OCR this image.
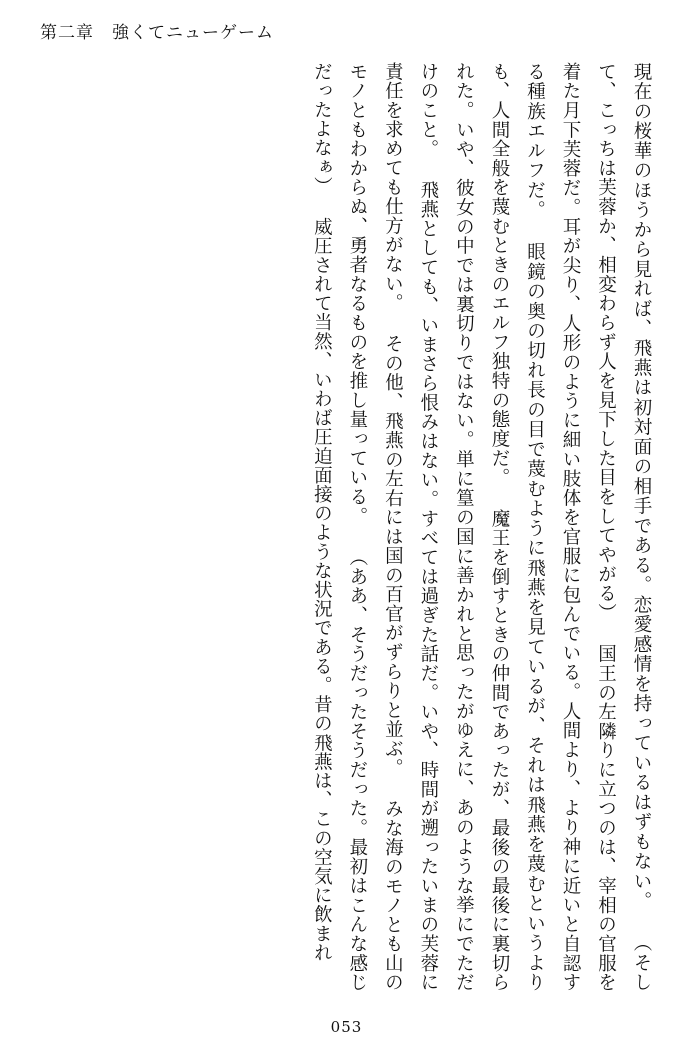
第二章 強くてニューゲーム

現在の桜華のほうから見れば、飛燕は初対面の相手である。恋愛感情を持っているはずもない。 （そして、こっちは芙蓉か、相変わらず人を見下した目をしてやがる） 国王の左隣りに立つのは、宰相の官服を着た月下芙蓉だ。耳が尖り、人形のように細い肢体を官服に包んでいる。人間より、より神に近いと自認する種族エルフだ。 眼鏡の奥の切れ長の目で蔑むように飛燕を見ているが、それは飛燕を蔑むというよりも、人間全般を蔑むときのエルフ独特の態度だ。 魔王を倒すときの仲間であったが、最後の最後に裏切られた。いや、彼女の中では裏切りではない。単に篁の国に善かれと思ったがゆえに、あのような挙にでただけのこと。 飛燕としても、いまさら恨みはない。すべては過ぎた話だ。いや、時間が遡ったいまの芙蓉に責任を求めても仕方がない。 その他、飛燕の左右には国の百官がずらりと並ぶ。 みな海のモノとも山のモノともわからぬ、勇者なるものを推し量っている。 （ああ、そうだったそうだった。最初はこんな感じだったよなぁ） 威圧されて当然、いわば圧迫面接のような状況である。昔の飛燕は、この空気に飲まれ

053
